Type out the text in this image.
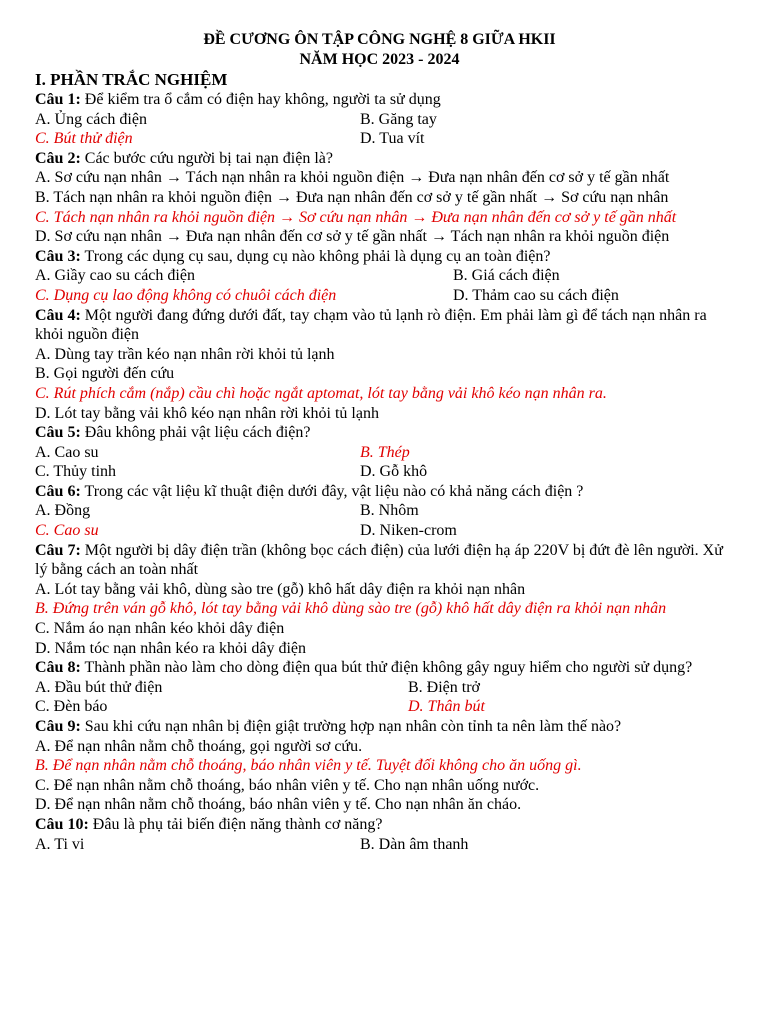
ĐỀ CƯƠNG ÔN TẬP CÔNG NGHỆ 8 GIỮA HKII

NĂM HỌC 2023 - 2024

I. PHẦN TRẮC NGHIỆM

Câu 1: Để kiểm tra ổ cắm có điện hay không, người ta sử dụng

A. Ủng cách điện	B. Găng tay
C. Bút thử điện	D. Tua vít

Câu 2: Các bước cứu người bị tai nạn điện là?

A. Sơ cứu nạn nhân → Tách nạn nhân ra khỏi nguồn điện → Đưa nạn nhân đến cơ sở y tế gần nhất

B. Tách nạn nhân ra khỏi nguồn điện → Đưa nạn nhân đến cơ sở y tế gần nhất → Sơ cứu nạn nhân

C. Tách nạn nhân ra khỏi nguồn điện → Sơ cứu nạn nhân → Đưa nạn nhân đến cơ sở y tế gần nhất

D. Sơ cứu nạn nhân → Đưa nạn nhân đến cơ sở y tế gần nhất → Tách nạn nhân ra khỏi nguồn điện

Câu 3: Trong các dụng cụ sau, dụng cụ nào không phải là dụng cụ an toàn điện?

A. Giầy cao su cách điện	B. Giá cách điện
C. Dụng cụ lao động không có chuôi cách điện	D. Thảm cao su cách điện

Câu 4: Một người đang đứng dưới đất, tay chạm vào tủ lạnh rò điện. Em phải làm gì để tách nạn nhân ra khỏi nguồn điện

A. Dùng tay trần kéo nạn nhân rời khỏi tủ lạnh

B. Gọi người đến cứu

C. Rút phích cắm (nắp) cầu chì hoặc ngắt aptomat, lót tay bằng vải khô kéo nạn nhân ra.

D. Lót tay bằng vải khô kéo nạn nhân rời khỏi tủ lạnh

Câu 5: Đâu không phải vật liệu cách điện?

A. Cao su	B. Thép
C. Thủy tinh	D. Gỗ khô

Câu 6: Trong các vật liệu kĩ thuật điện dưới đây, vật liệu nào có khả năng cách điện ?

A. Đồng	B. Nhôm
C. Cao su	D. Niken-crom

Câu 7: Một người bị dây điện trần (không bọc cách điện) của lưới điện hạ áp 220V bị đứt đè lên người. Xử lý bằng cách an toàn nhất

A. Lót tay bằng vải khô, dùng sào tre (gỗ) khô hất dây điện ra khỏi nạn nhân

B. Đứng trên ván gỗ khô, lót tay bằng vải khô dùng sào tre (gỗ) khô hất dây điện ra khỏi nạn nhân

C. Nắm áo nạn nhân kéo khỏi dây điện

D. Nắm tóc nạn nhân kéo ra khỏi dây điện

Câu 8: Thành phần nào làm cho dòng điện qua bút thử điện không gây nguy hiểm cho người sử dụng?

A. Đầu bút thử điện	B. Điện trở
C. Đèn báo	D. Thân bút

Câu 9: Sau khi cứu nạn nhân bị điện giật trường hợp nạn nhân còn tỉnh ta nên làm thế nào?

A. Để nạn nhân nằm chỗ thoáng, gọi người sơ cứu.

B. Để nạn nhân nằm chỗ thoáng, báo nhân viên y tế. Tuyệt đối không cho ăn uống gì.

C. Để nạn nhân nằm chỗ thoáng, báo nhân viên y tế. Cho nạn nhân uống nước.

D. Để nạn nhân nằm chỗ thoáng, báo nhân viên y tế. Cho nạn nhân ăn cháo.

Câu 10: Đâu là phụ tải biến điện năng thành cơ năng?

A. Ti vi	B. Dàn âm thanh
